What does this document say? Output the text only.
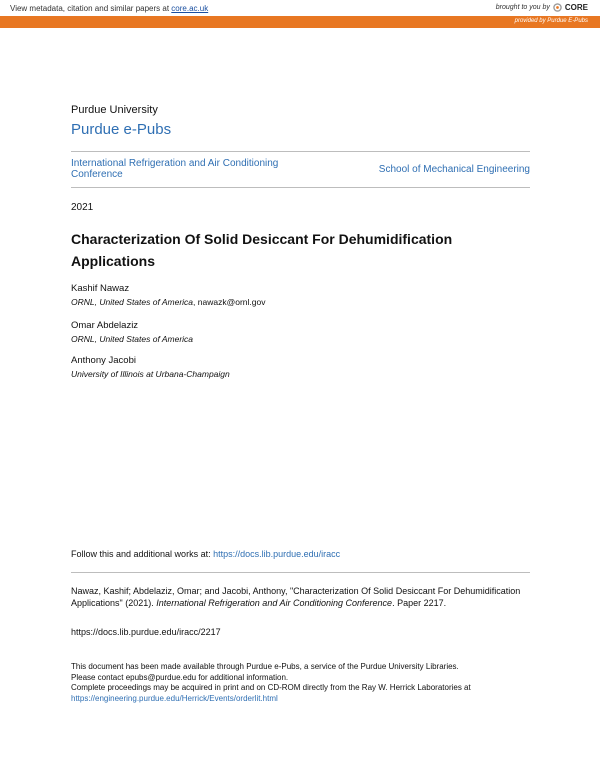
View metadata, citation and similar papers at core.ac.uk	brought to you by CORE
provided by Purdue E-Pubs
Purdue University
Purdue e-Pubs
International Refrigeration and Air Conditioning Conference	School of Mechanical Engineering
2021
Characterization Of Solid Desiccant For Dehumidification Applications
Kashif Nawaz
ORNL, United States of America, nawazk@ornl.gov
Omar Abdelaziz
ORNL, United States of America
Anthony Jacobi
University of Illinois at Urbana-Champaign
Follow this and additional works at: https://docs.lib.purdue.edu/iracc
Nawaz, Kashif; Abdelaziz, Omar; and Jacobi, Anthony, "Characterization Of Solid Desiccant For Dehumidification Applications" (2021). International Refrigeration and Air Conditioning Conference. Paper 2217.
https://docs.lib.purdue.edu/iracc/2217
This document has been made available through Purdue e-Pubs, a service of the Purdue University Libraries.
Please contact epubs@purdue.edu for additional information.
Complete proceedings may be acquired in print and on CD-ROM directly from the Ray W. Herrick Laboratories at
https://engineering.purdue.edu/Herrick/Events/orderlit.html
